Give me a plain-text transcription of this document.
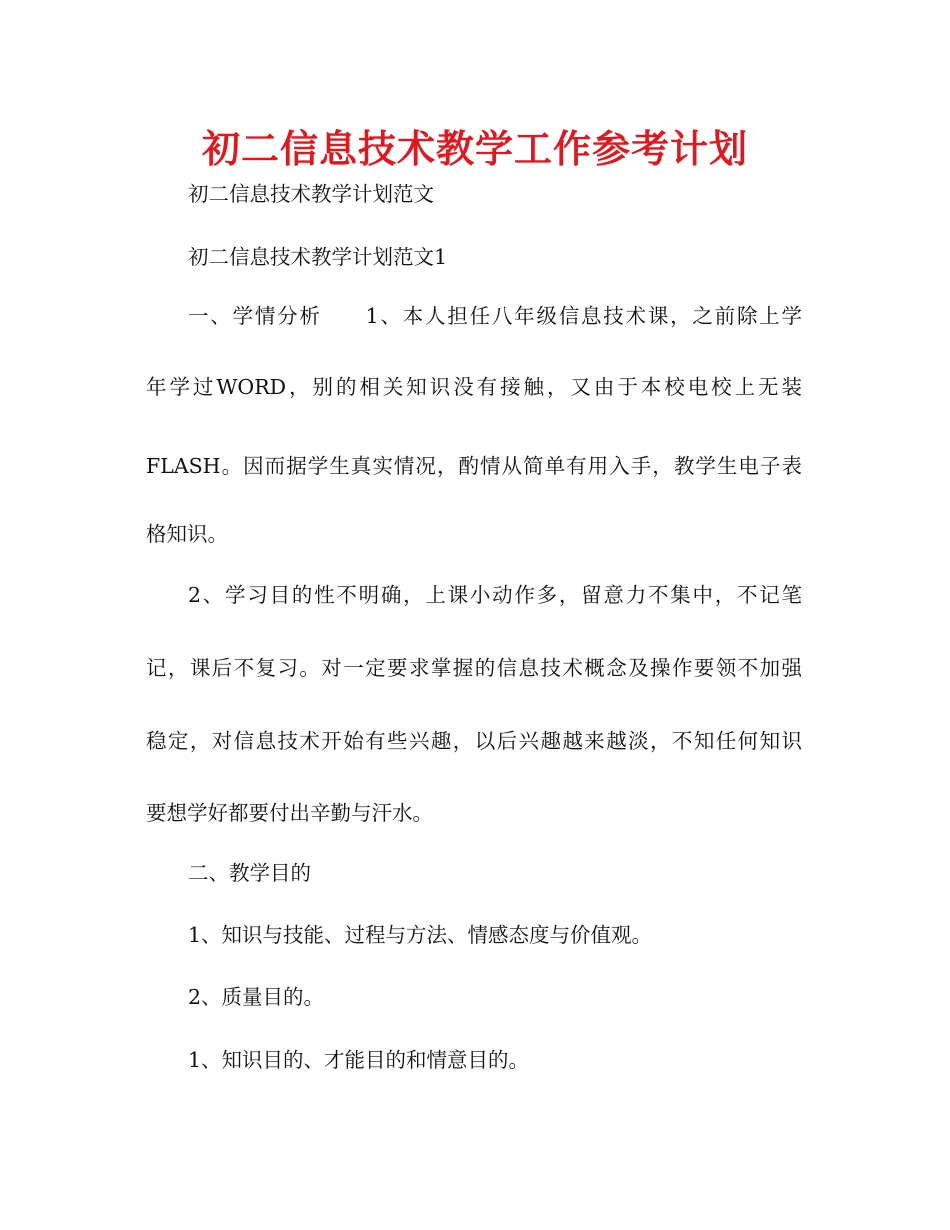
初二信息技术教学工作参考计划

初二信息技术教学计划范文

初二信息技术教学计划范文1

一、学情分析 1、本人担任八年级信息技术课，之前除上学

年学过WORD，别的相关知识没有接触，又由于本校电校上无装

FLASH。因而据学生真实情况，酌情从简单有用入手，教学生电子表

格知识。

2、学习目的性不明确，上课小动作多，留意力不集中，不记笔

记，课后不复习。对一定要求掌握的信息技术概念及操作要领不加强

稳定，对信息技术开始有些兴趣，以后兴趣越来越淡，不知任何知识

要想学好都要付出辛勤与汗水。

二、教学目的

1、知识与技能、过程与方法、情感态度与价值观。

2、质量目的。

1、知识目的、才能目的和情意目的。
